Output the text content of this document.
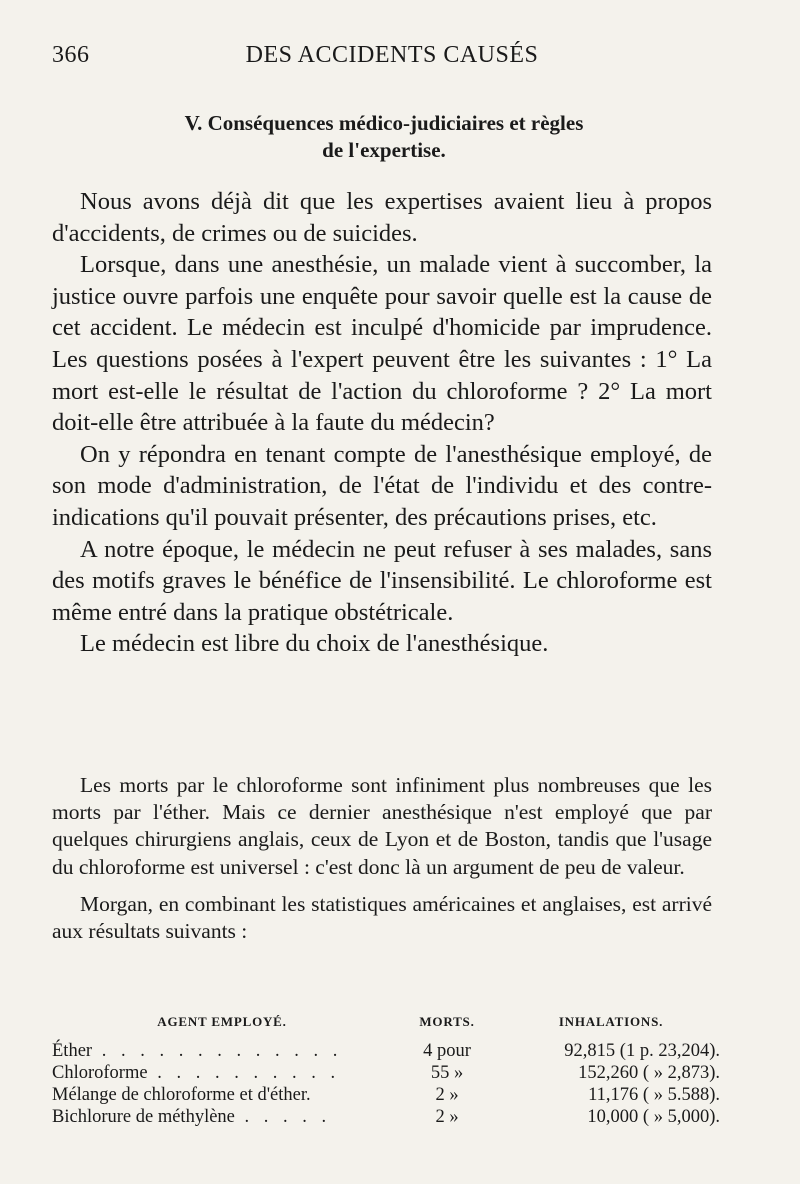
366	DES ACCIDENTS CAUSÉS
V. Conséquences médico-judiciaires et règles
de l'expertise.

Nous avons déjà dit que les expertises avaient lieu à propos d'accidents, de crimes ou de suicides.

Lorsque, dans une anesthésie, un malade vient à succomber, la justice ouvre parfois une enquête pour savoir quelle est la cause de cet accident. Le médecin est inculpé d'homicide par imprudence. Les questions posées à l'expert peuvent être les suivantes : 1° La mort est-elle le résultat de l'action du chloroforme ? 2° La mort doit-elle être attribuée à la faute du médecin?

On y répondra en tenant compte de l'anesthésique employé, de son mode d'administration, de l'état de l'individu et des contre-indications qu'il pouvait présenter, des précautions prises, etc.

A notre époque, le médecin ne peut refuser à ses malades, sans des motifs graves le bénéfice de l'insensibilité. Le chloroforme est même entré dans la pratique obstétricale.

Le médecin est libre du choix de l'anesthésique.

Les morts par le chloroforme sont infiniment plus nombreuses que les morts par l'éther. Mais ce dernier anesthésique n'est employé que par quelques chirurgiens anglais, ceux de Lyon et de Boston, tandis que l'usage du chloroforme est universel : c'est donc là un argument de peu de valeur.

Morgan, en combinant les statistiques américaines et anglaises, est arrivé aux résultats suivants :

AGENT EMPLOYÉ.	MORTS.	INHALATIONS.
Éther . . . . . . . . . . . . .	4 pour	92,815 (1 p. 23,204).
Chloroforme . . . . . . . . . .	55 »	152,260 ( » 2,873).
Mélange de chloroforme et d'éther.	2 »	11,176 ( » 5.588).
Bichlorure de méthylène . . . . .	2 »	10,000 ( » 5,000).
